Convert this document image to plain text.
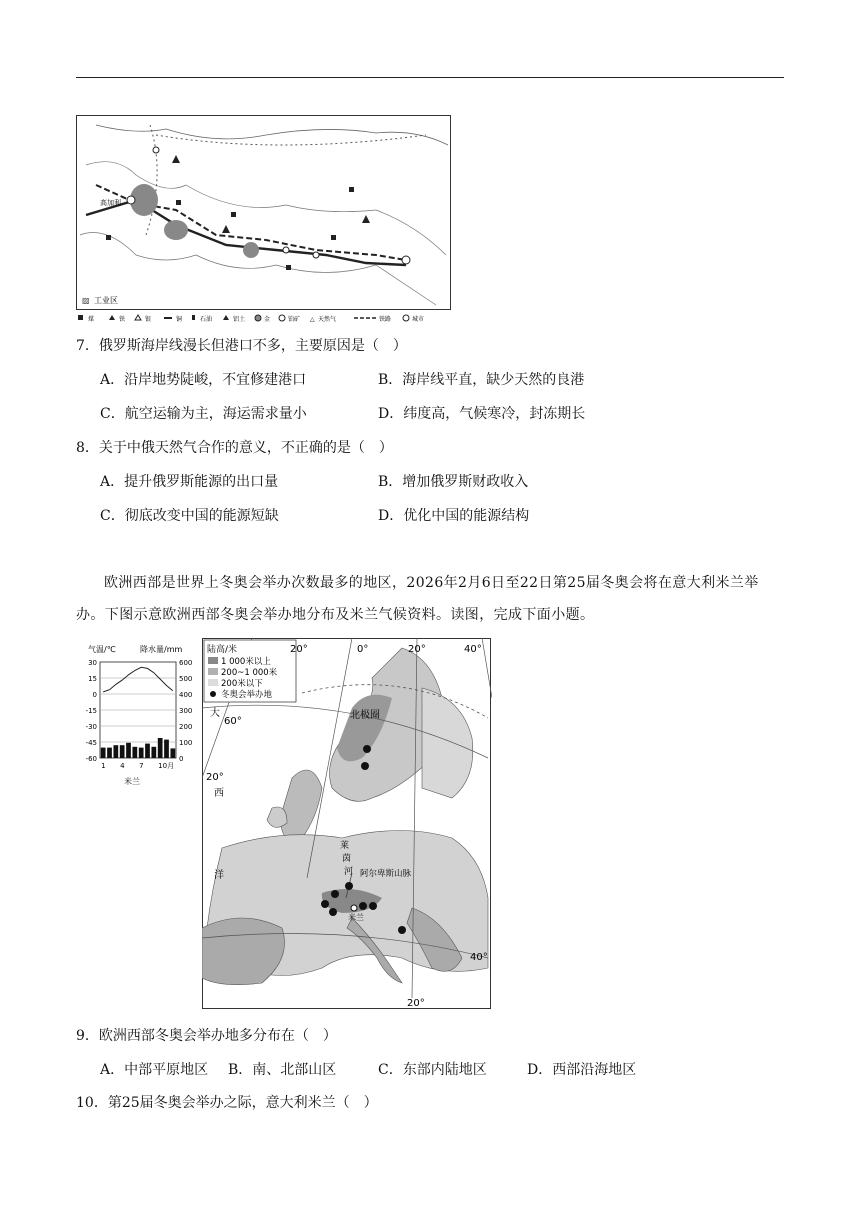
高加利
▨ 工业区
煤	铁	银	铜	石油	铝土	金	铂矿 △ 天然气	铁路	城市
7．俄罗斯海岸线漫长但港口不多，主要原因是（　）
A．沿岸地势陡峻，不宜修建港口	B．海岸线平直，缺少天然的良港
C．航空运输为主，海运需求量小	D．纬度高，气候寒冷，封冻期长
8．关于中俄天然气合作的意义，不正确的是（　）
A．提升俄罗斯能源的出口量	B．增加俄罗斯财政收入
C．彻底改变中国的能源短缺	D．优化中国的能源结构
欧洲西部是世界上冬奥会举办次数最多的地区，2026年2月6日至22日第25届冬奥会将在意大利米兰举办。下图示意欧洲西部冬奥会举办地分布及米兰气候资料。读图，完成下面小题。
气温/℃	降水量/mm
30	600
15	500
0	400
-15	300
-30	200
-45	100
-60	0
1 4 7 10月
米兰
陆高/米
1 000米以上
200~1 000米
200米以下
冬奥会举办地
20°	0°	20°	40°
60°
40°
20°
20°
大
西
洋
北极圈
莱
茵
河 阿尔卑斯山脉
米兰
9．欧洲西部冬奥会举办地多分布在（　）
A．中部平原地区 B．南、北部山区	C．东部内陆地区	D．西部沿海地区
10．第25届冬奥会举办之际，意大利米兰（　）
